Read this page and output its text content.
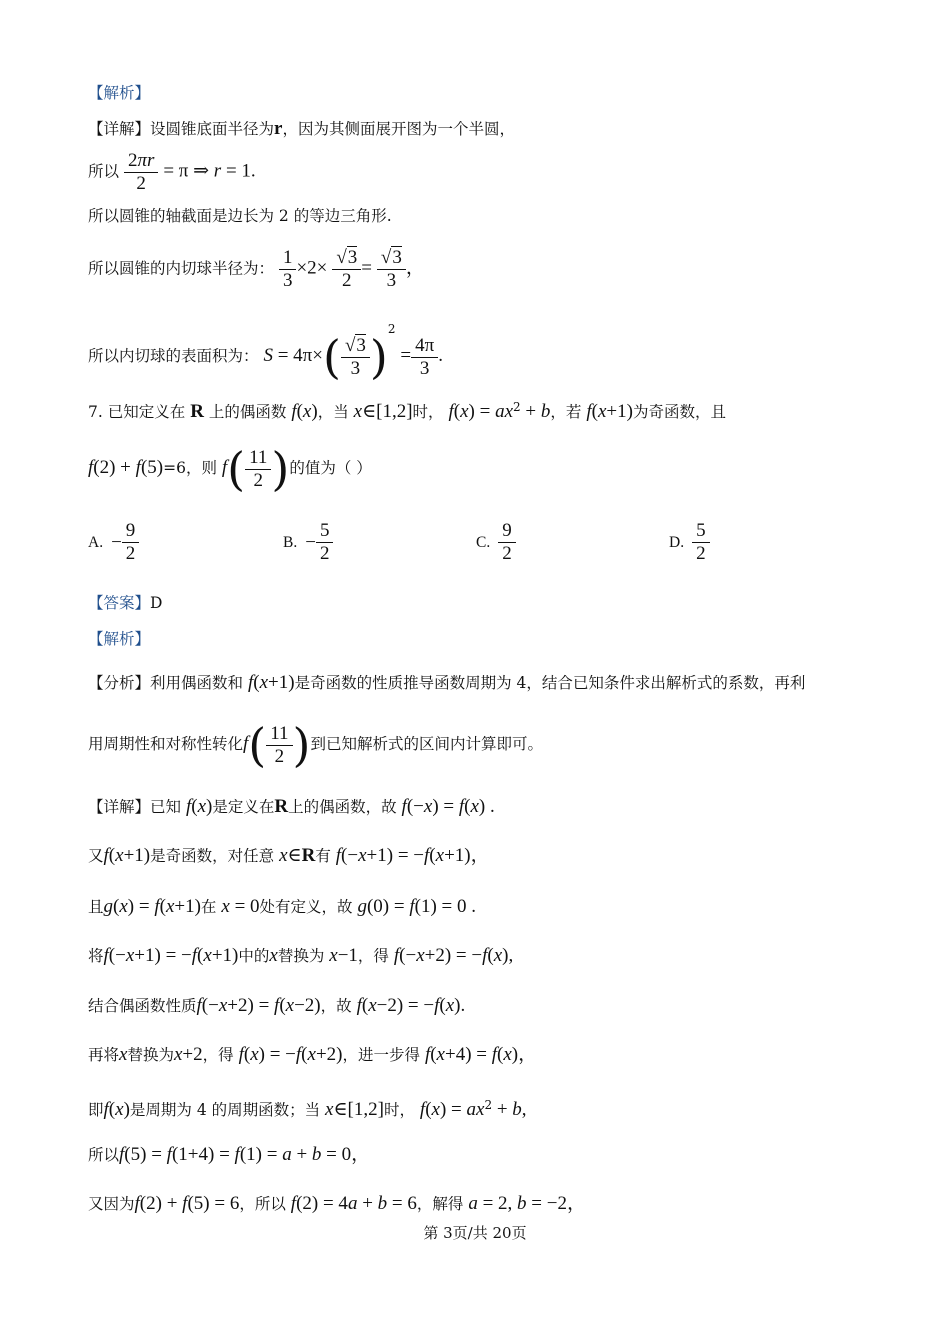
【解析】
【详解】设圆锥底面半径为r，因为其侧面展开图为一个半圆，
所以 $\frac{2\pi r}{2} = \pi$ ⇒ r = 1.
所以圆锥的轴截面是边长为 2 的等边三角形.
所以圆锥的内切球半径为： $\frac{1}{3} \times 2\times \frac{√3}{2} = \frac{√3}{3}$ ，
所以内切球的表面积为： $S = 4\pi\times( \frac{√3}{3} )^2 = \frac{4\pi}{3}$ .
7. 已知定义在 R 上的偶函数 f(x)，当 x∈[1,2]时， $f(x) = ax^2 + b$，若 f(x+1)为奇函数，且
f(2) + f(5)=6，则 $f( \frac{11}{2}$ )的值为（ ）
A. − $\frac{9}{2}$	B. − $\frac{5}{2}$	C. $\frac{9}{2}$	D. $\frac{5}{2}$
【答案】D
【解析】
【分析】利用偶函数和 f(x+1)是奇函数的性质推导函数周期为 4，结合已知条件求出解析式的系数，再利
用周期性和对称性转化$f( \frac{11}{2}$ )到已知解析式的区间内计算即可。
【详解】已知 f(x)是定义在R上的偶函数，故 f(−x) = f(x) .
又f(x+1)是奇函数，对任意 x∈R有 f(−x+1) = −f(x+1)，
且g(x) = f(x+1)在 x = 0处有定义，故 g(0) = f(1) = 0 .
将f(−x+1) = −f(x+1)中的x替换为 x−1，得 f(−x+2) = −f(x),
结合偶函数性质f(−x+2) = f(x−2)，故 f(x−2) = −f(x).
再将x替换为x+2，得 f(x) = −f(x+2)，进一步得 f(x+4) = f(x)，
即f(x)是周期为 4 的周期函数；当 x∈[1,2]时， $f(x) = ax^2 + b$,
所以f(5) = f(1+4) = f(1) = a + b = 0，
又因为f(2) + f(5) = 6，所以 f(2) = 4a + b = 6，解得 a = 2, b = −2，
第 3页/共 20页
